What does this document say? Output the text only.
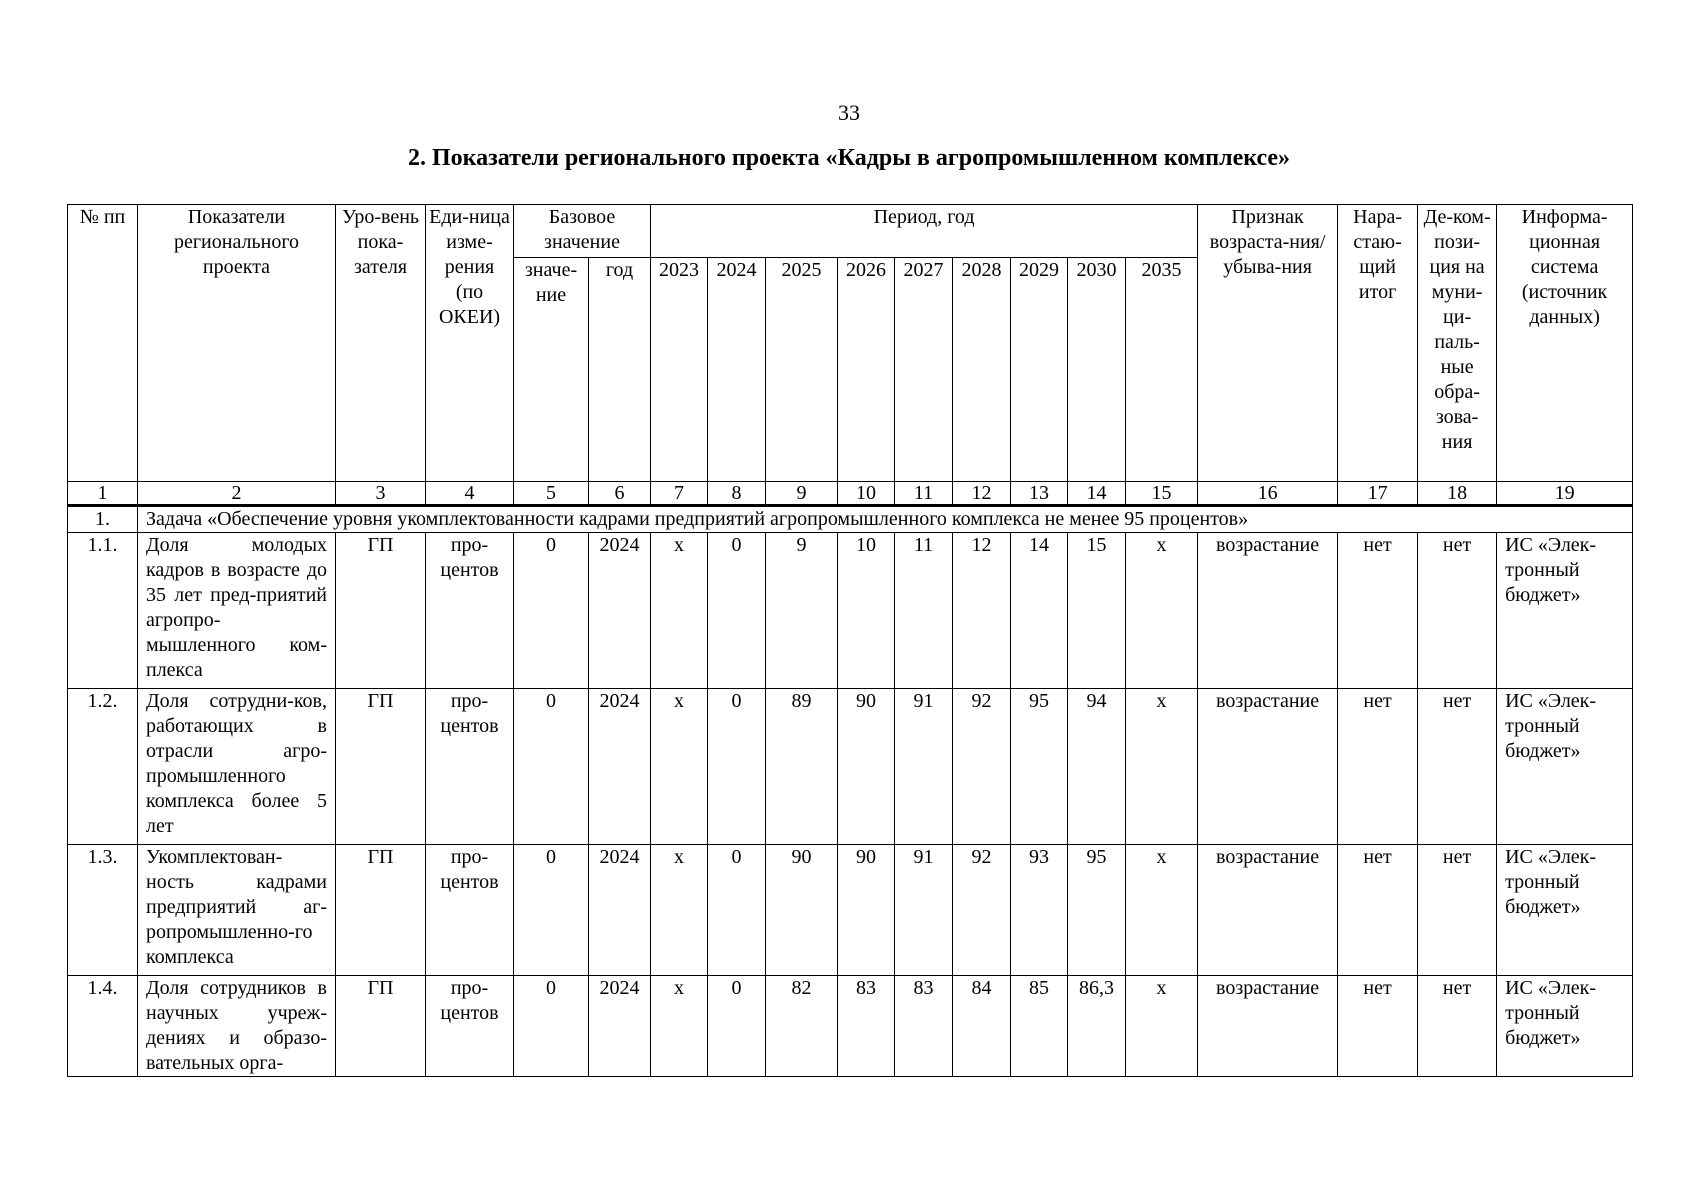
33
2. Показатели регионального проекта «Кадры в агропромышленном комплексе»
№ пп	Показатели регионального проекта	Уро-вень пока-зателя	Еди-ница изме-рения (по ОКЕИ)	Базовое значение		Период, год									Признак возраста-ния/убыва-ния	Нара-стаю-щий итог	Де-ком-пози-ция на муни-ци-паль-ные обра-зова-ния	Информа-ционная система (источник данных)
				значе-ние	год	2023	2024	2025	2026	2027	2028	2029	2030	2035				
1	2	3	4	5	6	7	8	9	10	11	12	13	14	15	16	17	18	19
1.	Задача «Обеспечение уровня укомплектованности кадрами предприятий агропромышленного комплекса не менее 95 процентов»																	
1.1.	Доля молодых кадров в возрасте до 35 лет пред-приятий агропро-мышленного ком-плекса	ГП	про-центов	0	2024	х	0	9	10	11	12	14	15	х	возрастание	нет	нет	ИС «Элек-тронный бюджет»
1.2.	Доля сотрудни-ков, работающих в отрасли агро-промышленного комплекса более 5 лет	ГП	про-центов	0	2024	х	0	89	90	91	92	95	94	х	возрастание	нет	нет	ИС «Элек-тронный бюджет»
1.3.	Укомплектован-ность кадрами предприятий аг-ропромышленно-го комплекса	ГП	про-центов	0	2024	х	0	90	90	91	92	93	95	х	возрастание	нет	нет	ИС «Элек-тронный бюджет»
1.4.	Доля сотрудников в научных учреж-дениях и образо-вательных орга-	ГП	про-центов	0	2024	х	0	82	83	83	84	85	86,3	х	возрастание	нет	нет	ИС «Элек-тронный бюджет»
